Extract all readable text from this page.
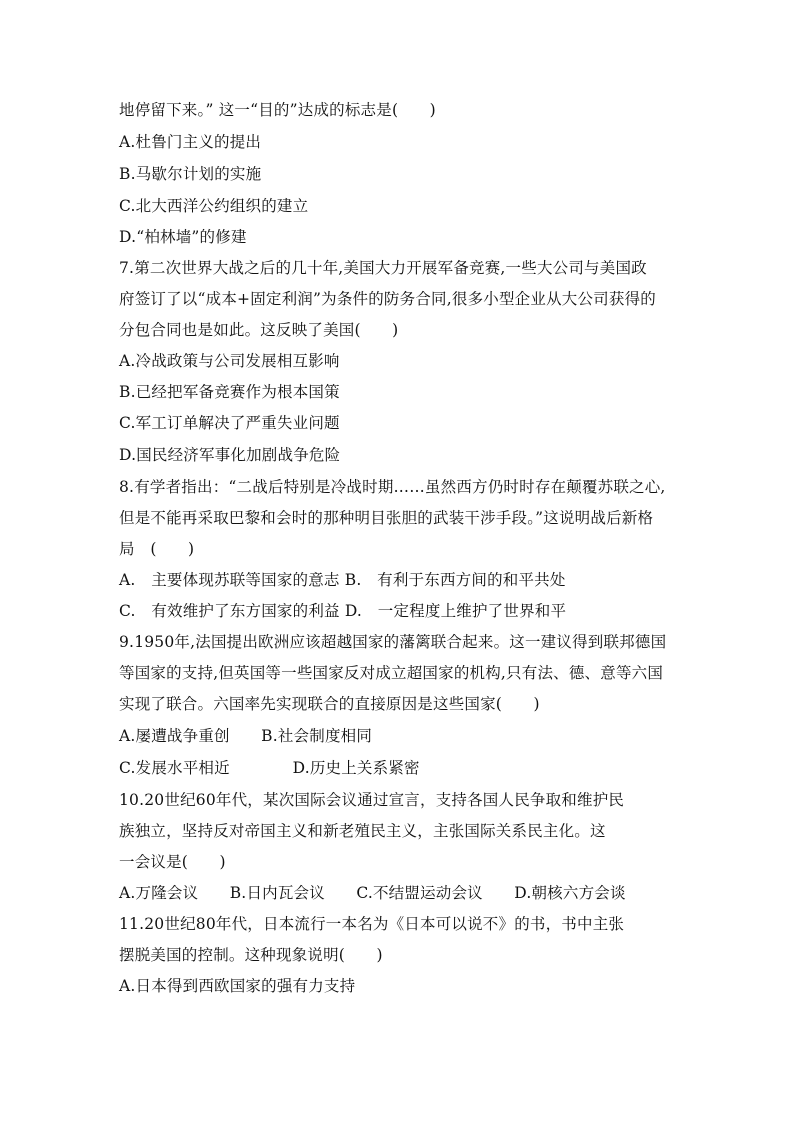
地停留下来。” 这一“目的”达成的标志是(　　)
A.杜鲁门主义的提出
B.马歇尔计划的实施
C.北大西洋公约组织的建立
D.“柏林墙”的修建
7.第二次世界大战之后的几十年,美国大力开展军备竞赛,一些大公司与美国政
府签订了以“成本+固定利润”为条件的防务合同,很多小型企业从大公司获得的
分包合同也是如此。这反映了美国(　　)
A.冷战政策与公司发展相互影响
B.已经把军备竞赛作为根本国策
C.军工订单解决了严重失业问题
D.国民经济军事化加剧战争危险
8.有学者指出：“二战后特别是冷战时期……虽然西方仍时时存在颠覆苏联之心,
但是不能再采取巴黎和会时的那种明目张胆的武装干涉手段。”这说明战后新格
局　(　　)
A.　主要体现苏联等国家的意志 B.　有利于东西方间的和平共处
C.　有效维护了东方国家的利益 D.　一定程度上维护了世界和平
9.1950年,法国提出欧洲应该超越国家的藩篱联合起来。这一建议得到联邦德国
等国家的支持,但英国等一些国家反对成立超国家的机构,只有法、德、意等六国
实现了联合。六国率先实现联合的直接原因是这些国家(　　)
A.屡遭战争重创　　B.社会制度相同
C.发展水平相近　　　　D.历史上关系紧密
10.20世纪60年代，某次国际会议通过宣言，支持各国人民争取和维护民
族独立，坚持反对帝国主义和新老殖民主义，主张国际关系民主化。这
一会议是(　　)
A.万隆会议　　B.日内瓦会议　　C.不结盟运动会议　　D.朝核六方会谈
11.20世纪80年代，日本流行一本名为《日本可以说不》的书，书中主张
摆脱美国的控制。这种现象说明(　　)
A.日本得到西欧国家的强有力支持
